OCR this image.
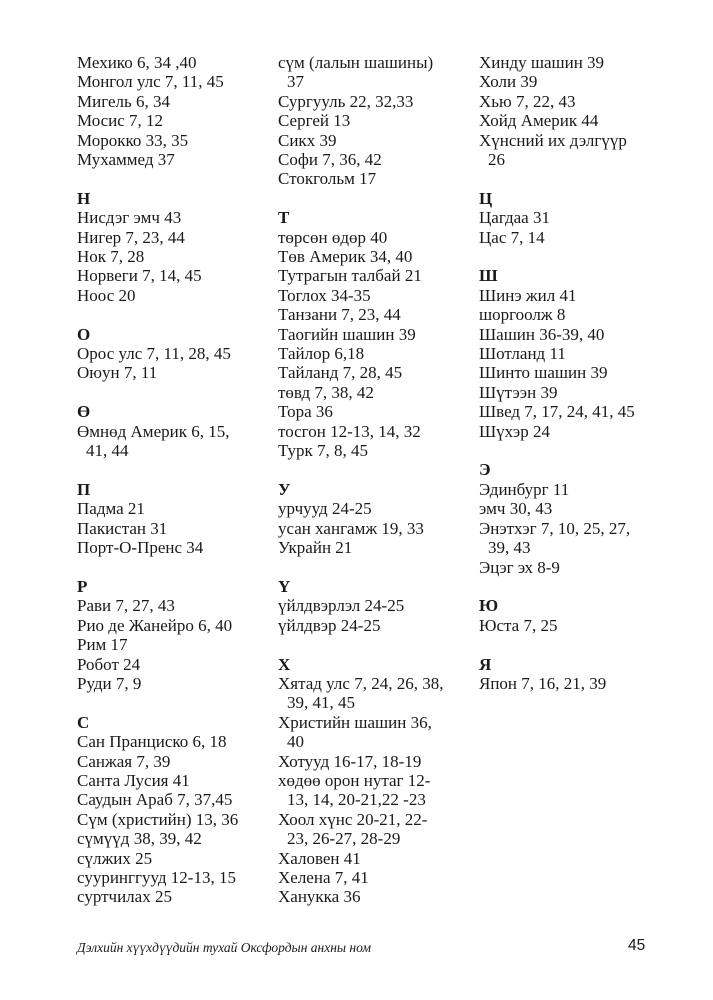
Мехико 6, 34 ,40
Монгол улс 7, 11, 45
Мигель 6, 34
Мосис 7, 12
Морокко 33, 35
Мухаммед 37
Н
Нисдэг эмч 43
Нигер 7, 23, 44
Нок 7, 28
Норвеги 7, 14, 45
Ноос 20
О
Орос улс 7, 11, 28, 45
Оюун 7, 11
Ө
Өмнөд Америк 6, 15,
41, 44
П
Падма 21
Пакистан 31
Порт-О-Пренс 34
Р
Рави 7, 27, 43
Рио де Жанейро 6, 40
Рим 17
Робот 24
Руди 7, 9
С
Сан Пранциско 6, 18
Санжая 7, 39
Санта Лусия 41
Саудын Араб 7, 37,45
Сүм (христийн) 13, 36
сүмүүд 38, 39, 42
сүлжих 25
сууринггууд 12-13, 15
суртчилах 25
сүм (лалын шашины)
37
Сургууль 22, 32,33
Сергей 13
Сикх 39
Софи 7, 36, 42
Стокгольм 17
Т
төрсөн өдөр 40
Төв Америк 34, 40
Тутрагын талбай 21
Тоглох 34-35
Танзани 7, 23, 44
Таогийн шашин 39
Тайлор 6,18
Тайланд 7, 28, 45
төвд 7, 38, 42
Тора 36
тосгон 12-13, 14, 32
Турк 7, 8, 45
У
урчууд 24-25
усан хангамж 19, 33
Украйн 21
Ү
үйлдвэрлэл 24-25
үйлдвэр 24-25
Х
Хятад улс 7, 24, 26, 38,
39, 41, 45
Христийн шашин 36,
40
Хотууд 16-17, 18-19
хөдөө орон нутаг 12-
13, 14, 20-21,22 -23
Хоол хүнс 20-21, 22-
23, 26-27, 28-29
Халовен 41
Хелена 7, 41
Ханукка 36
Хинду шашин 39
Холи 39
Хью 7, 22, 43
Хойд Америк 44
Хүнсний их дэлгүүр
26
Ц
Цагдаа 31
Цас 7, 14
Ш
Шинэ жил 41
шоргоолж 8
Шашин 36-39, 40
Шотланд 11
Шинто шашин 39
Шүтээн 39
Швед 7, 17, 24, 41, 45
Шүхэр 24
Э
Эдинбург 11
эмч 30, 43
Энэтхэг 7, 10, 25, 27,
39, 43
Эцэг эх 8-9
Ю
Юста 7, 25
Я
Япон 7, 16, 21, 39
Дэлхийн хүүхдүүдийн тухай Оксфордын анхны ном	45
